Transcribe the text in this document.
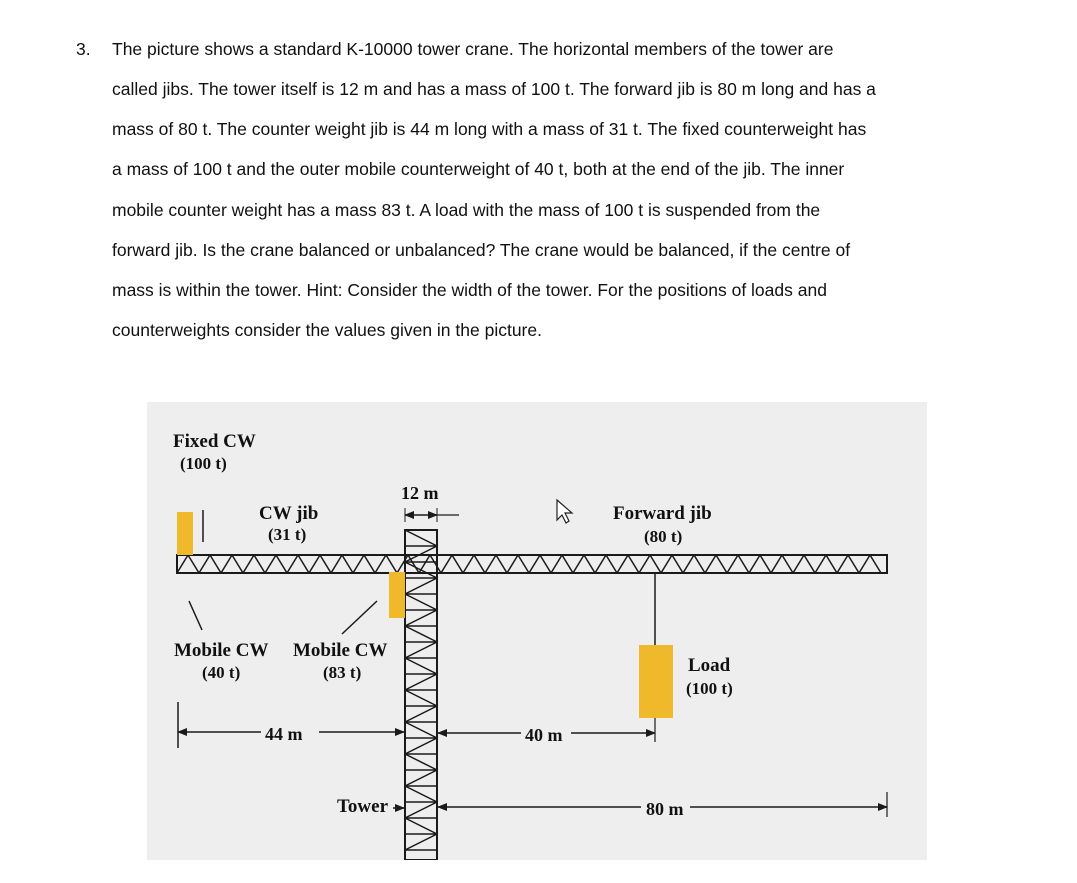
3. The picture shows a standard K-10000 tower crane. The horizontal members of the tower are
called jibs. The tower itself is 12 m and has a mass of 100 t. The forward jib is 80 m long and has a
mass of 80 t. The counter weight jib is 44 m long with a mass of 31 t. The fixed counterweight has
a mass of 100 t and the outer mobile counterweight of 40 t, both at the end of the jib. The inner
mobile counter weight has a mass 83 t. A load with the mass of 100 t is suspended from the
forward jib. Is the crane balanced or unbalanced? The crane would be balanced, if the centre of
mass is within the tower. Hint: Consider the width of the tower. For the positions of loads and
counterweights consider the values given in the picture.
Fixed CW
(100 t)
CW jib
(31 t)
12 m
Forward jib
(80 t)
Mobile CW
(40 t)
Mobile CW
(83 t)	Load
(100 t)
44 m	40 m
80 m
Tower
